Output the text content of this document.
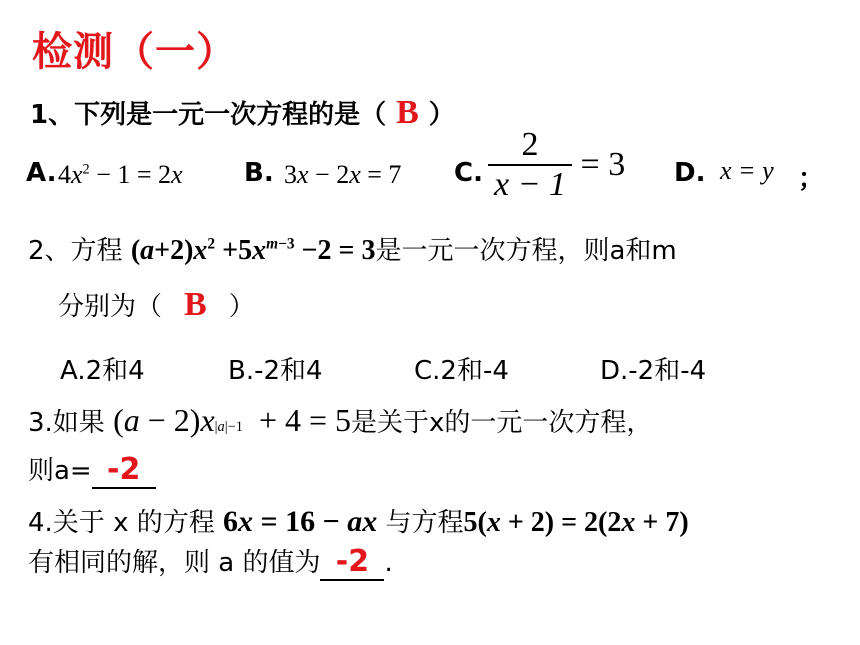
检测（一）
1、下列是一元一次方程的是（ B ）
A. $4x^2 - 1 = 2x$ B. 3x − 2x = 7 C. $\frac{2}{x - 1} = 3$ D. x = y ；
2、方程 $(a+2)x^2 +5x^{m-3} -2 = 3$是一元一次方程，则a和m
分别为（ B ）
A.2和4	B.-2和4	C.2和-4	D.-2和-4
3.如果 $(a - 2)x^{|a|-1} + 4 = 5$是关于x的一元一次方程，
则a= -2
4.关于 x 的方程 6x = 16 − ax 与方程5(x + 2) = 2(2x + 7)
有相同的解，则 a 的值为 -2 .
